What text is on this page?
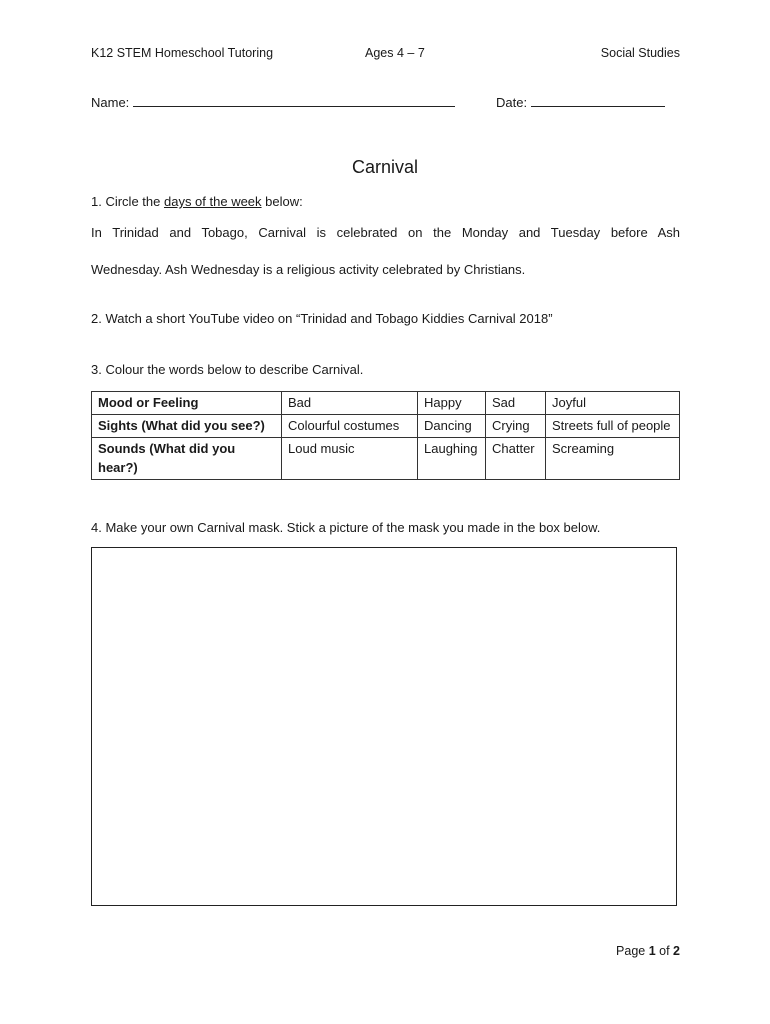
K12 STEM Homeschool Tutoring	Ages 4 – 7	Social Studies
Name:	Date:
Carnival
1. Circle the days of the week below:
In Trinidad and Tobago, Carnival is celebrated on the Monday and Tuesday before Ash
Wednesday. Ash Wednesday is a religious activity celebrated by Christians.
2. Watch a short YouTube video on “Trinidad and Tobago Kiddies Carnival 2018”
3. Colour the words below to describe Carnival.
Mood or Feeling	Bad	Happy	Sad	Joyful
Sights (What did you see?)	Colourful costumes	Dancing	Crying	Streets full of people
Sounds (What did you hear?)	Loud music	Laughing	Chatter	Screaming
4. Make your own Carnival mask. Stick a picture of the mask you made in the box below.
Page 1 of 2
